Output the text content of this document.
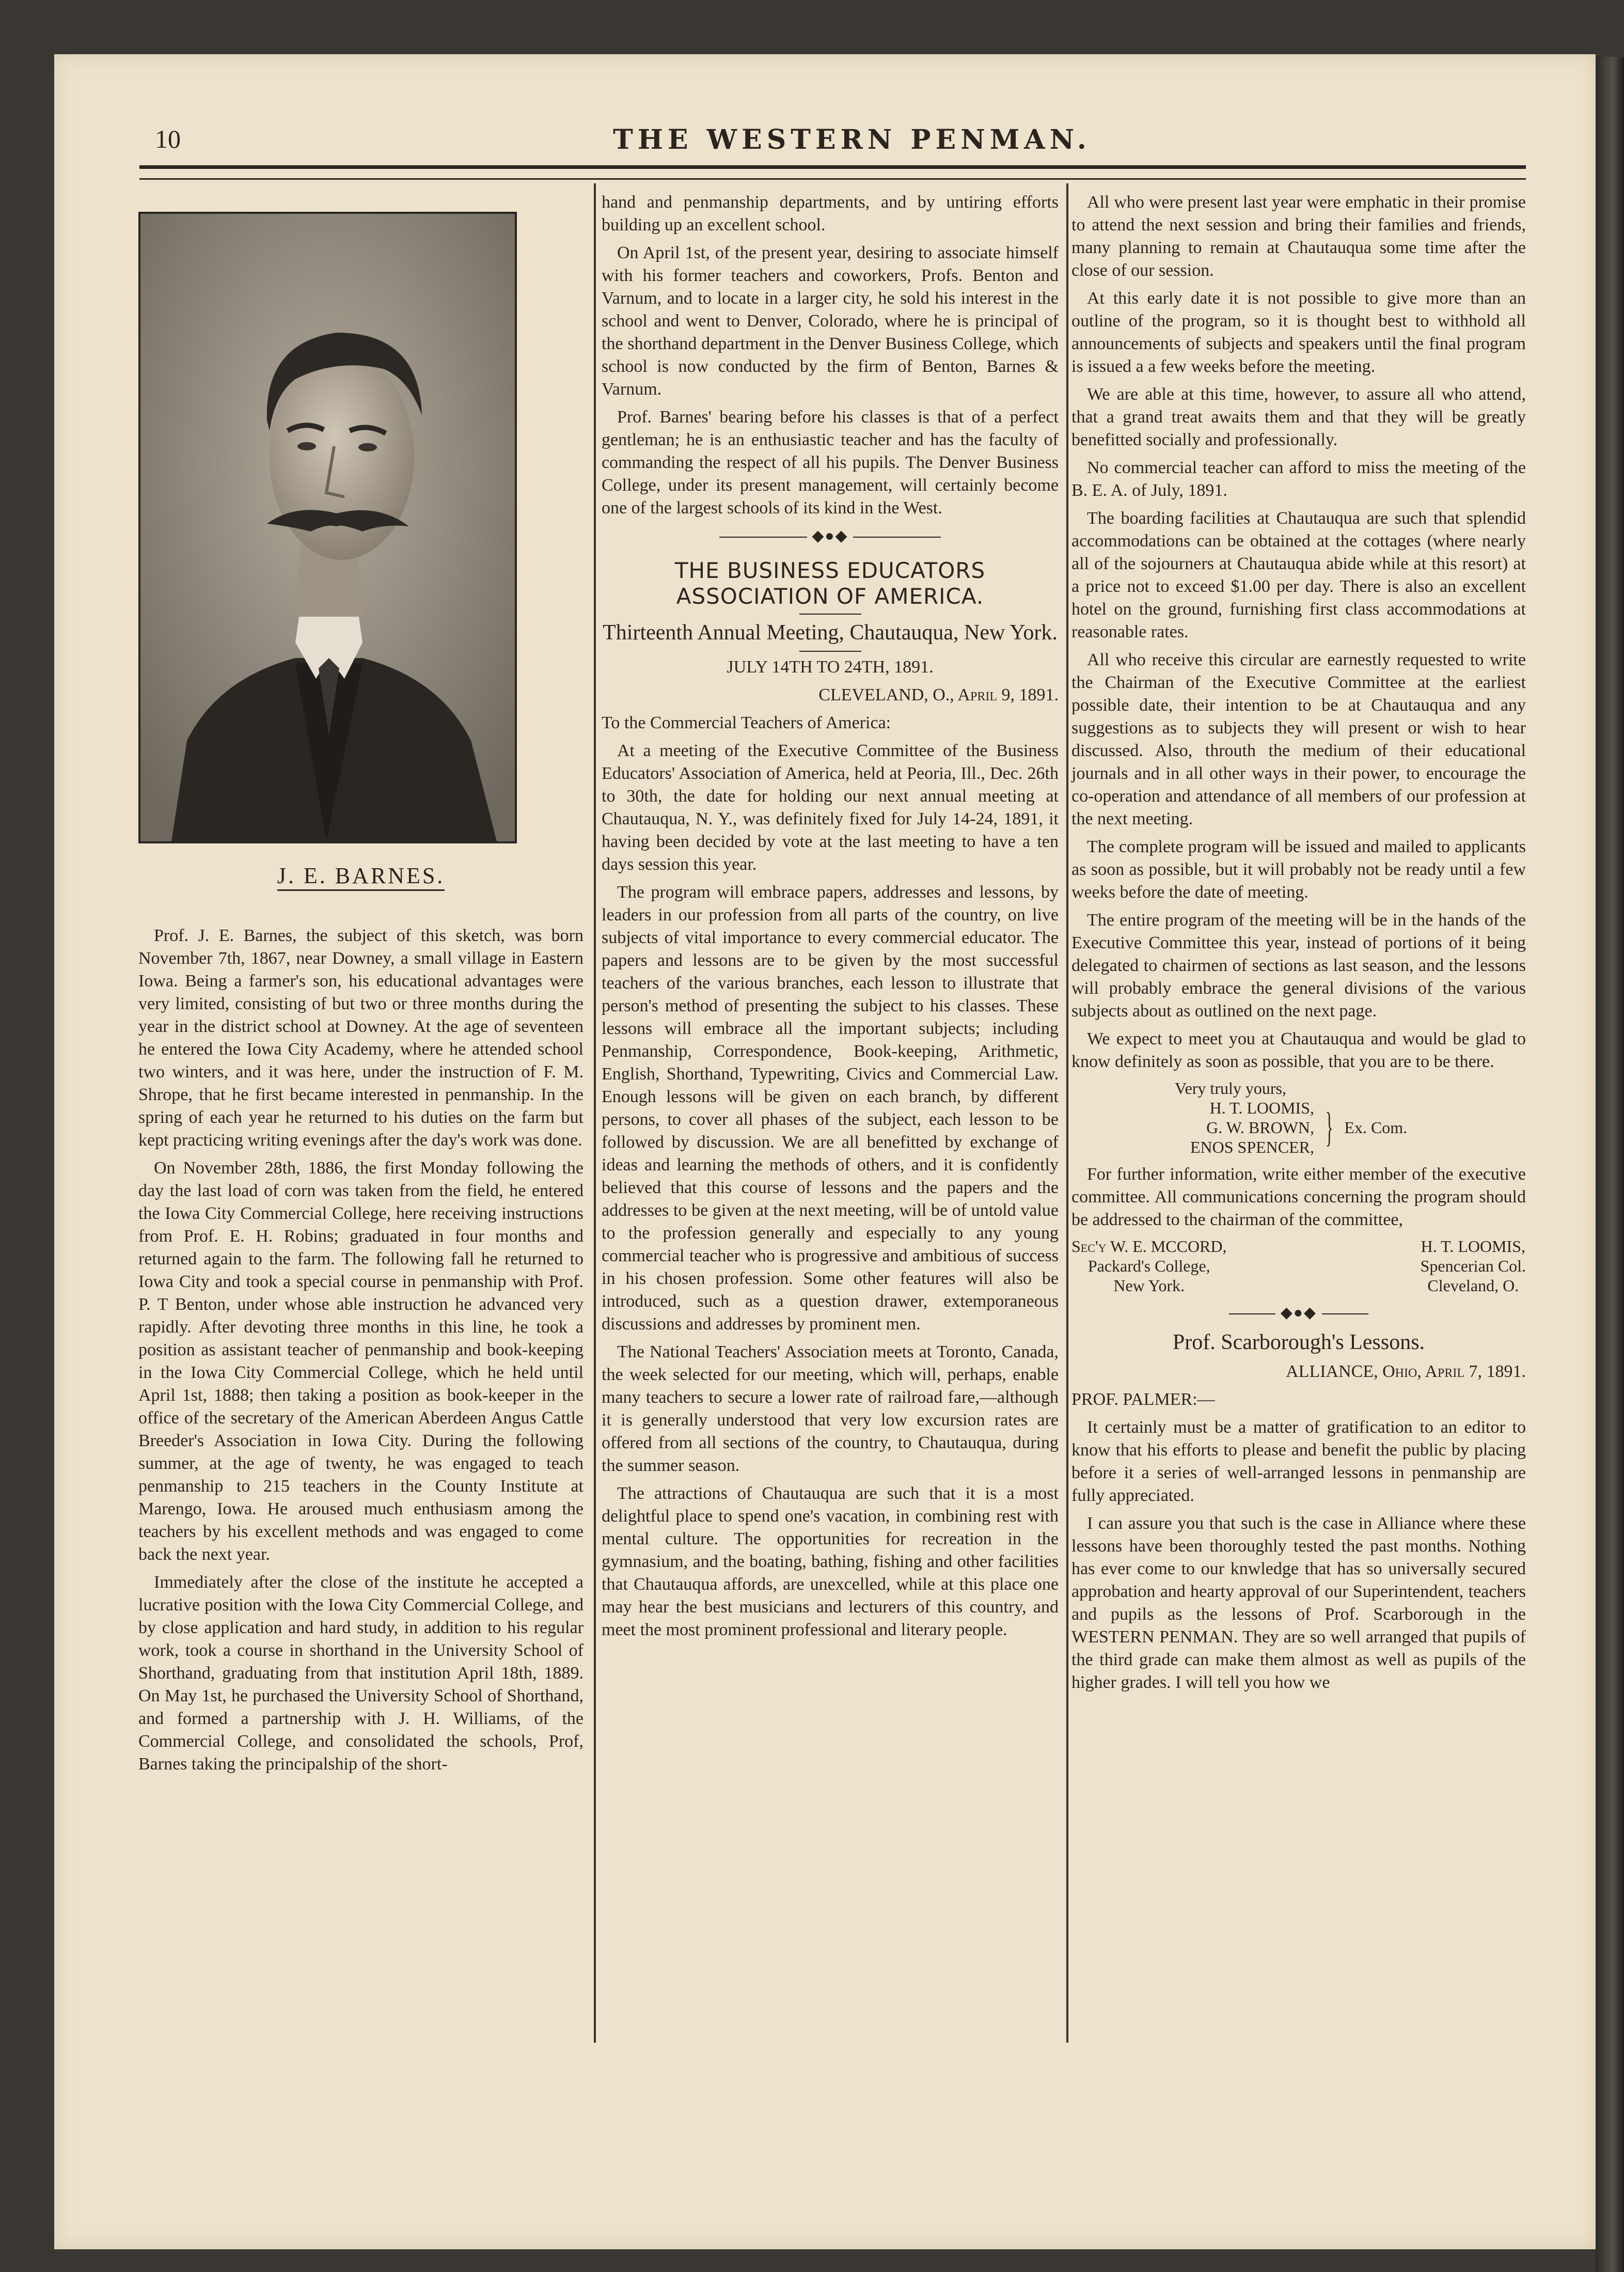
10	THE WESTERN PENMAN.
J. E. BARNES.

Prof. J. E. Barnes, the subject of this sketch, was born November 7th, 1867, near Downey, a small village in Eastern Iowa. Being a farmer's son, his educational advantages were very limited, consisting of but two or three months during the year in the district school at Downey. At the age of seventeen he entered the Iowa City Academy, where he attended school two winters, and it was here, under the instruction of F. M. Shrope, that he first became interested in penmanship. In the spring of each year he returned to his duties on the farm but kept practicing writing evenings after the day's work was done.

On November 28th, 1886, the first Monday following the day the last load of corn was taken from the field, he entered the Iowa City Commercial College, here receiving instructions from Prof. E. H. Robins; graduated in four months and returned again to the farm. The following fall he returned to Iowa City and took a special course in penmanship with Prof. P. T Benton, under whose able instruction he advanced very rapidly. After devoting three months in this line, he took a position as assistant teacher of penmanship and book-keeping in the Iowa City Commercial College, which he held until April 1st, 1888; then taking a position as book-keeper in the office of the secretary of the American Aberdeen Angus Cattle Breeder's Association in Iowa City. During the following summer, at the age of twenty, he was engaged to teach penmanship to 215 teachers in the County Institute at Marengo, Iowa. He aroused much enthusiasm among the teachers by his excellent methods and was engaged to come back the next year.

Immediately after the close of the institute he accepted a lucrative position with the Iowa City Commercial College, and by close application and hard study, in addition to his regular work, took a course in shorthand in the University School of Shorthand, graduating from that institution April 18th, 1889. On May 1st, he purchased the University School of Shorthand, and formed a partnership with J. H. Williams, of the Commercial College, and consolidated the schools, Prof, Barnes taking the principalship of the short-

hand and penmanship departments, and by untiring efforts building up an excellent school.

On April 1st, of the present year, desiring to associate himself with his former teachers and coworkers, Profs. Benton and Varnum, and to locate in a larger city, he sold his interest in the school and went to Denver, Colorado, where he is principal of the shorthand department in the Denver Business College, which school is now conducted by the firm of Benton, Barnes & Varnum.

Prof. Barnes' bearing before his classes is that of a perfect gentleman; he is an enthusiastic teacher and has the faculty of commanding the respect of all his pupils. The Denver Business College, under its present management, will certainly become one of the largest schools of its kind in the West.

◆●◆
THE BUSINESS EDUCATORS ASSOCIATION OF AMERICA.
Thirteenth Annual Meeting, Chautauqua, New York.

JULY 14TH TO 24TH, 1891.

CLEVELAND, O., April 9, 1891.

To the Commercial Teachers of America:

At a meeting of the Executive Committee of the Business Educators' Association of America, held at Peoria, Ill., Dec. 26th to 30th, the date for holding our next annual meeting at Chautauqua, N. Y., was definitely fixed for July 14-24, 1891, it having been decided by vote at the last meeting to have a ten days session this year.

The program will embrace papers, addresses and lessons, by leaders in our profession from all parts of the country, on live subjects of vital importance to every commercial educator. The papers and lessons are to be given by the most successful teachers of the various branches, each lesson to illustrate that person's method of presenting the subject to his classes. These lessons will embrace all the important subjects; including Penmanship, Correspondence, Book-keeping, Arithmetic, English, Shorthand, Typewriting, Civics and Commercial Law. Enough lessons will be given on each branch, by different persons, to cover all phases of the subject, each lesson to be followed by discussion. We are all benefitted by exchange of ideas and learning the methods of others, and it is confidently believed that this course of lessons and the papers and the addresses to be given at the next meeting, will be of untold value to the profession generally and especially to any young commercial teacher who is progressive and ambitious of success in his chosen profession. Some other features will also be introduced, such as a question drawer, extemporaneous discussions and addresses by prominent men.

The National Teachers' Association meets at Toronto, Canada, the week selected for our meeting, which will, perhaps, enable many teachers to secure a lower rate of railroad fare,—although it is generally understood that very low excursion rates are offered from all sections of the country, to Chautauqua, during the summer season.

The attractions of Chautauqua are such that it is a most delightful place to spend one's vacation, in combining rest with mental culture. The opportunities for recreation in the gymnasium, and the boating, bathing, fishing and other facilities that Chautauqua affords, are unexcelled, while at this place one may hear the best musicians and lecturers of this country, and meet the most prominent professional and literary people.

All who were present last year were emphatic in their promise to attend the next session and bring their families and friends, many planning to remain at Chautauqua some time after the close of our session.

At this early date it is not possible to give more than an outline of the program, so it is thought best to withhold all announcements of subjects and speakers until the final program is issued a a few weeks before the meeting.

We are able at this time, however, to assure all who attend, that a grand treat awaits them and that they will be greatly benefitted socially and professionally.

No commercial teacher can afford to miss the meeting of the B. E. A. of July, 1891.

The boarding facilities at Chautauqua are such that splendid accommodations can be obtained at the cottages (where nearly all of the sojourners at Chautauqua abide while at this resort) at a price not to exceed $1.00 per day. There is also an excellent hotel on the ground, furnishing first class accommodations at reasonable rates.

All who receive this circular are earnestly requested to write the Chairman of the Executive Committee at the earliest possible date, their intention to be at Chautauqua and any suggestions as to subjects they will present or wish to hear discussed. Also, throuth the medium of their educational journals and in all other ways in their power, to encourage the co-operation and attendance of all members of our profession at the next meeting.

The complete program will be issued and mailed to applicants as soon as possible, but it will probably not be ready until a few weeks before the date of meeting.

The entire program of the meeting will be in the hands of the Executive Committee this year, instead of portions of it being delegated to chairmen of sections as last season, and the lessons will probably embrace the general divisions of the various subjects about as outlined on the next page.

We expect to meet you at Chautauqua and would be glad to know definitely as soon as possible, that you are to be there.

Very truly yours,
H. T. LOOMIS,
G. W. BROWN,
ENOS SPENCER, } Ex. Com.

For further information, write either member of the executive committee. All communications concerning the program should be addressed to the chairman of the committee,

Sec'y W. E. MCCORD,
Packard's College,
New York.
H. T. LOOMIS,
Spencerian Col.
Cleveland, O.
◆●◆
Prof. Scarborough's Lessons.

ALLIANCE, Ohio, April 7, 1891.

PROF. PALMER:—

It certainly must be a matter of gratification to an editor to know that his efforts to please and benefit the public by placing before it a series of well-arranged lessons in penmanship are fully appreciated.

I can assure you that such is the case in Alliance where these lessons have been thoroughly tested the past months. Nothing has ever come to our knwledge that has so universally secured approbation and hearty approval of our Superintendent, teachers and pupils as the lessons of Prof. Scarborough in the WESTERN PENMAN. They are so well arranged that pupils of the third grade can make them almost as well as pupils of the higher grades. I will tell you how we
